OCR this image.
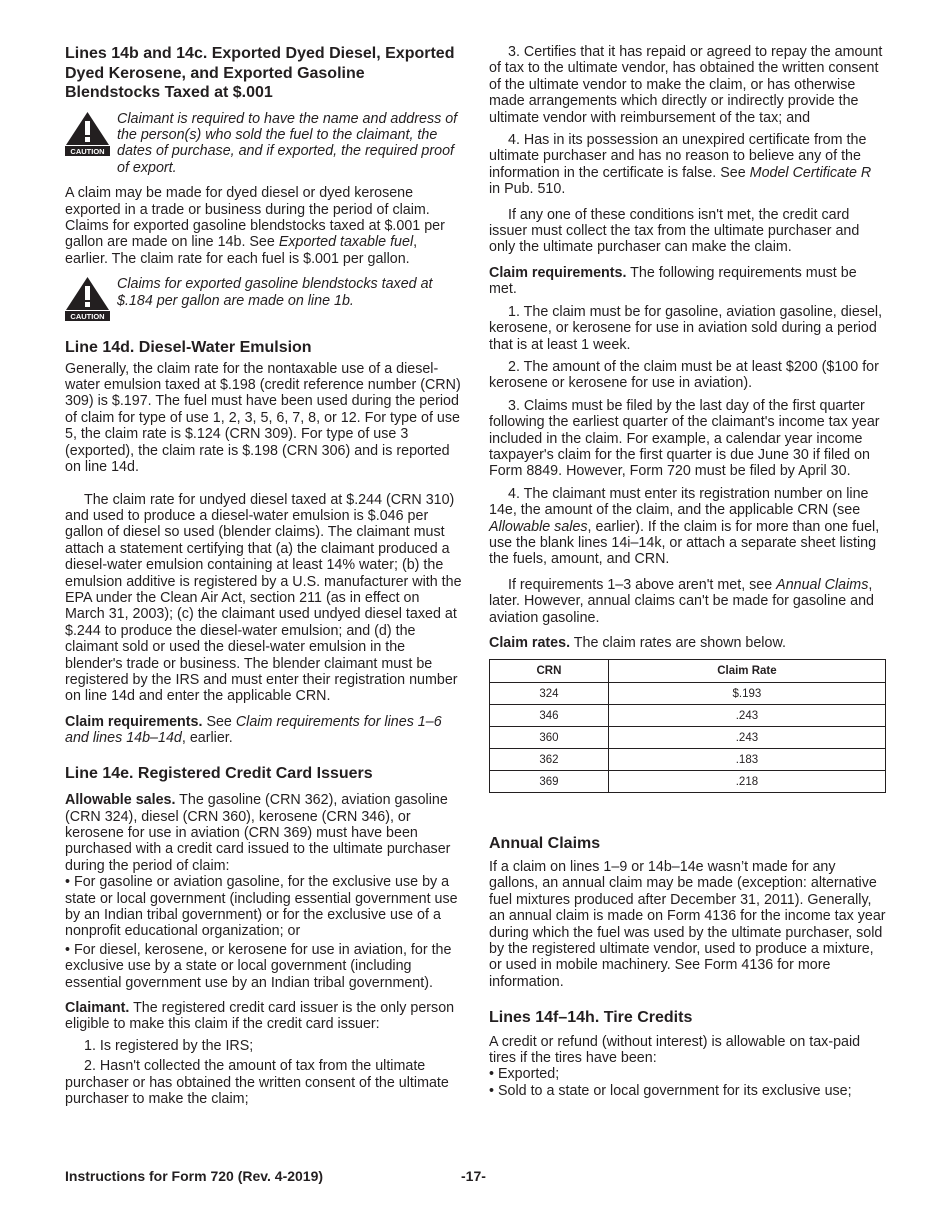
Lines 14b and 14c. Exported Dyed Diesel, Exported Dyed Kerosene, and Exported Gasoline Blendstocks Taxed at $.001
CAUTION
Claimant is required to have the name and address of the person(s) who sold the fuel to the claimant, the dates of purchase, and if exported, the required proof of export.

A claim may be made for dyed diesel or dyed kerosene exported in a trade or business during the period of claim. Claims for exported gasoline blendstocks taxed at $.001 per gallon are made on line 14b. See Exported taxable fuel, earlier. The claim rate for each fuel is $.001 per gallon.

CAUTION
Claims for exported gasoline blendstocks taxed at $.184 per gallon are made on line 1b.
Line 14d. Diesel-Water Emulsion

Generally, the claim rate for the nontaxable use of a diesel-water emulsion taxed at $.198 (credit reference number (CRN) 309) is $.197. The fuel must have been used during the period of claim for type of use 1, 2, 3, 5, 6, 7, 8, or 12. For type of use 5, the claim rate is $.124 (CRN 309). For type of use 3 (exported), the claim rate is $.198 (CRN 306) and is reported on line 14d.

The claim rate for undyed diesel taxed at $.244 (CRN 310) and used to produce a diesel-water emulsion is $.046 per gallon of diesel so used (blender claims). The claimant must attach a statement certifying that (a) the claimant produced a diesel-water emulsion containing at least 14% water; (b) the emulsion additive is registered by a U.S. manufacturer with the EPA under the Clean Air Act, section 211 (as in effect on March 31, 2003); (c) the claimant used undyed diesel taxed at $.244 to produce the diesel-water emulsion; and (d) the claimant sold or used the diesel-water emulsion in the blender's trade or business. The blender claimant must be registered by the IRS and must enter their registration number on line 14d and enter the applicable CRN.

Claim requirements. See Claim requirements for lines 1–6 and lines 14b–14d, earlier.

Line 14e. Registered Credit Card Issuers

Allowable sales. The gasoline (CRN 362), aviation gasoline (CRN 324), diesel (CRN 360), kerosene (CRN 346), or kerosene for use in aviation (CRN 369) must have been purchased with a credit card issued to the ultimate purchaser during the period of claim:

• For gasoline or aviation gasoline, for the exclusive use by a state or local government (including essential government use by an Indian tribal government) or for the exclusive use of a nonprofit educational organization; or
• For diesel, kerosene, or kerosene for use in aviation, for the exclusive use by a state or local government (including essential government use by an Indian tribal government).

Claimant. The registered credit card issuer is the only person eligible to make this claim if the credit card issuer:

1. Is registered by the IRS;
2. Hasn't collected the amount of tax from the ultimate purchaser or has obtained the written consent of the ultimate purchaser to make the claim;

3. Certifies that it has repaid or agreed to repay the amount of tax to the ultimate vendor, has obtained the written consent of the ultimate vendor to make the claim, or has otherwise made arrangements which directly or indirectly provide the ultimate vendor with reimbursement of the tax; and

4. Has in its possession an unexpired certificate from the ultimate purchaser and has no reason to believe any of the information in the certificate is false. See Model Certificate R in Pub. 510.

If any one of these conditions isn't met, the credit card issuer must collect the tax from the ultimate purchaser and only the ultimate purchaser can make the claim.

Claim requirements. The following requirements must be met.

1. The claim must be for gasoline, aviation gasoline, diesel, kerosene, or kerosene for use in aviation sold during a period that is at least 1 week.

2. The amount of the claim must be at least $200 ($100 for kerosene or kerosene for use in aviation).

3. Claims must be filed by the last day of the first quarter following the earliest quarter of the claimant's income tax year included in the claim. For example, a calendar year income taxpayer's claim for the first quarter is due June 30 if filed on Form 8849. However, Form 720 must be filed by April 30.

4. The claimant must enter its registration number on line 14e, the amount of the claim, and the applicable CRN (see Allowable sales, earlier). If the claim is for more than one fuel, use the blank lines 14i–14k, or attach a separate sheet listing the fuels, amount, and CRN.

If requirements 1–3 above aren't met, see Annual Claims, later. However, annual claims can't be made for gasoline and aviation gasoline.

Claim rates. The claim rates are shown below.

CRN	Claim Rate
324	$.193
346	.243
360	.243
362	.183
369	.218
Annual Claims

If a claim on lines 1–9 or 14b–14e wasn’t made for any gallons, an annual claim may be made (exception: alternative fuel mixtures produced after December 31, 2011). Generally, an annual claim is made on Form 4136 for the income tax year during which the fuel was used by the ultimate purchaser, sold by the registered ultimate vendor, used to produce a mixture, or used in mobile machinery. See Form 4136 for more information.

Lines 14f–14h. Tire Credits

A credit or refund (without interest) is allowable on tax-paid tires if the tires have been:

• Exported;
• Sold to a state or local government for its exclusive use;
Instructions for Form 720 (Rev. 4-2019)	-17-
